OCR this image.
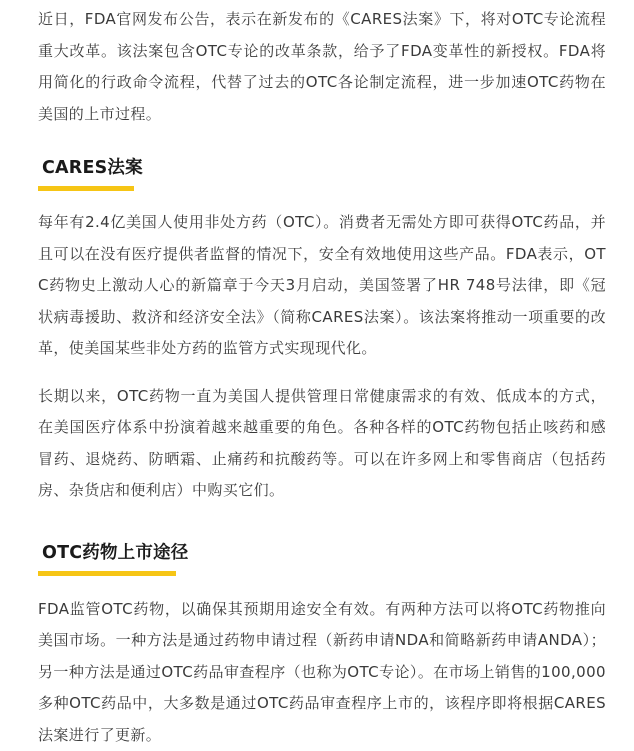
近日，FDA官网发布公告，表示在新发布的《CARES法案》下，将对OTC专论流程重大改革。该法案包含OTC专论的改革条款，给予了FDA变革性的新授权。FDA将用简化的行政命令流程，代替了过去的OTC各论制定流程，进一步加速OTC药物在美国的上市过程。

CARES法案

每年有2.4亿美国人使用非处方药（OTC）。消费者无需处方即可获得OTC药品，并且可以在没有医疗提供者监督的情况下，安全有效地使用这些产品。FDA表示，OTC药物史上激动人心的新篇章于今天3月启动，美国签署了HR 748号法律，即《冠状病毒援助、救济和经济安全法》（简称CARES法案）。该法案将推动一项重要的改革，使美国某些非处方药的监管方式实现现代化。

长期以来，OTC药物一直为美国人提供管理日常健康需求的有效、低成本的方式，在美国医疗体系中扮演着越来越重要的角色。各种各样的OTC药物包括止咳药和感冒药、退烧药、防晒霜、止痛药和抗酸药等。可以在许多网上和零售商店（包括药房、杂货店和便利店）中购买它们。

OTC药物上市途径

FDA监管OTC药物，以确保其预期用途安全有效。有两种方法可以将OTC药物推向美国市场。一种方法是通过药物申请过程（新药申请NDA和简略新药申请ANDA）；另一种方法是通过OTC药品审查程序（也称为OTC专论）。在市场上销售的100,000多种OTC药品中，大多数是通过OTC药品审查程序上市的，该程序即将根据CARES法案进行了更新。
